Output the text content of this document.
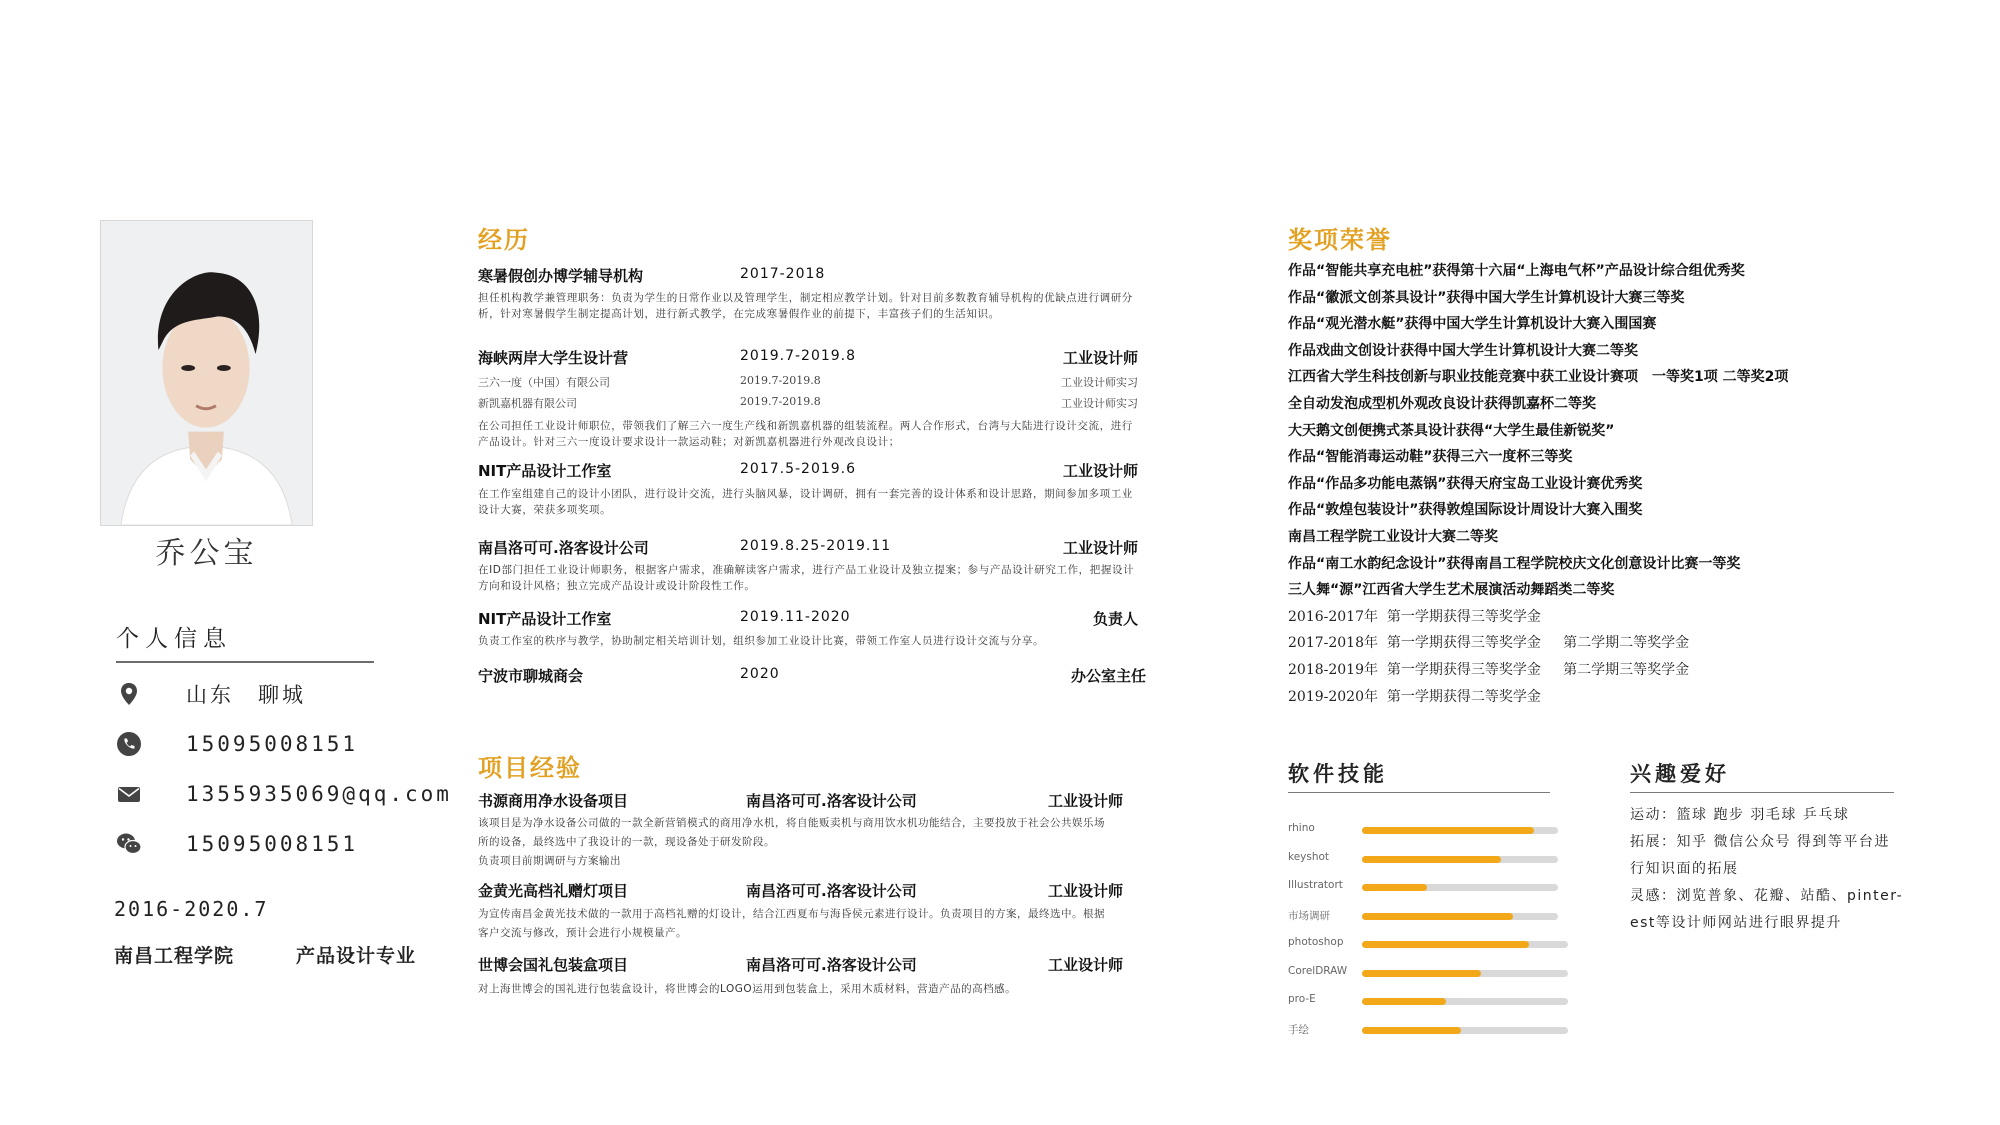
乔公宝
个人信息
山东　聊城
15095008151
1355935069@qq.com
15095008151
2016-2020.7
南昌工程学院	产品设计专业
经历
寒暑假创办博学辅导机构	2017-2018
担任机构教学兼管理职务：负责为学生的日常作业以及管理学生，制定相应教学计划。针对目前多数教育辅导机构的优缺点进行调研分析，针对寒暑假学生制定提高计划，进行新式教学，在完成寒暑假作业的前提下，丰富孩子们的生活知识。
海峡两岸大学生设计营	2019.7-2019.8	工业设计师
三六一度（中国）有限公司	2019.7-2019.8	工业设计师实习
新凯嘉机器有限公司	2019.7-2019.8	工业设计师实习
在公司担任工业设计师职位，带领我们了解三六一度生产线和新凯嘉机器的组装流程。两人合作形式，台湾与大陆进行设计交流，进行产品设计。针对三六一度设计要求设计一款运动鞋；对新凯嘉机器进行外观改良设计；
NIT产品设计工作室	2017.5-2019.6	工业设计师
在工作室组建自己的设计小团队，进行设计交流，进行头脑风暴，设计调研，拥有一套完善的设计体系和设计思路，期间参加多项工业设计大赛，荣获多项奖项。
南昌洛可可.洛客设计公司	2019.8.25-2019.11	工业设计师
在ID部门担任工业设计师职务，根据客户需求，准确解读客户需求，进行产品工业设计及独立提案；参与产品设计研究工作，把握设计方向和设计风格；独立完成产品设计或设计阶段性工作。
NIT产品设计工作室	2019.11-2020	负责人
负责工作室的秩序与教学，协助制定相关培训计划，组织参加工业设计比赛，带领工作室人员进行设计交流与分享。
宁波市聊城商会	2020	办公室主任
项目经验
书源商用净水设备项目	南昌洛可可.洛客设计公司	工业设计师
该项目是为净水设备公司做的一款全新营销模式的商用净水机，将自能贩卖机与商用饮水机功能结合，主要投放于社会公共娱乐场
所的设备，最终选中了我设计的一款，现设备处于研发阶段。
负责项目前期调研与方案输出
金黄光高档礼赠灯项目	南昌洛可可.洛客设计公司	工业设计师
为宣传南昌金黄光技术做的一款用于高档礼赠的灯设计，结合江西夏布与海昏侯元素进行设计。负责项目的方案，最终选中。根据
客户交流与修改，预计会进行小规模量产。
世博会国礼包装盒项目	南昌洛可可.洛客设计公司	工业设计师
对上海世博会的国礼进行包装盒设计，将世博会的LOGO运用到包装盒上，采用木质材料，营造产品的高档感。
奖项荣誉
作品“智能共享充电桩”获得第十六届“上海电气杯”产品设计综合组优秀奖
作品“徽派文创茶具设计”获得中国大学生计算机设计大赛三等奖
作品“观光潜水艇”获得中国大学生计算机设计大赛入围国赛
作品戏曲文创设计获得中国大学生计算机设计大赛二等奖
江西省大学生科技创新与职业技能竞赛中获工业设计赛项　一等奖1项 二等奖2项
全自动发泡成型机外观改良设计获得凯嘉杯二等奖
大天鹅文创便携式茶具设计获得“大学生最佳新锐奖”
作品“智能消毒运动鞋”获得三六一度杯三等奖
作品“作品多功能电蒸锅”获得天府宝岛工业设计赛优秀奖
作品“敦煌包装设计”获得敦煌国际设计周设计大赛入围奖
南昌工程学院工业设计大赛二等奖
作品“南工水韵纪念设计”获得南昌工程学院校庆文化创意设计比赛一等奖
三人舞“源”江西省大学生艺术展演活动舞蹈类二等奖
2016-2017年 第一学期获得三等奖学金
2017-2018年 第一学期获得三等奖学金 第二学期二等奖学金
2018-2019年 第一学期获得三等奖学金 第二学期三等奖学金
2019-2020年 第一学期获得二等奖学金
软件技能
rhino
keyshot
Illustratort
市场调研
photoshop
CorelDRAW
pro-E
手绘
兴趣爱好
运动：篮球 跑步 羽毛球 乒乓球
拓展：知乎 微信公众号 得到等平台进
行知识面的拓展
灵感：浏览普象、花瓣、站酷、pinter-
est等设计师网站进行眼界提升
